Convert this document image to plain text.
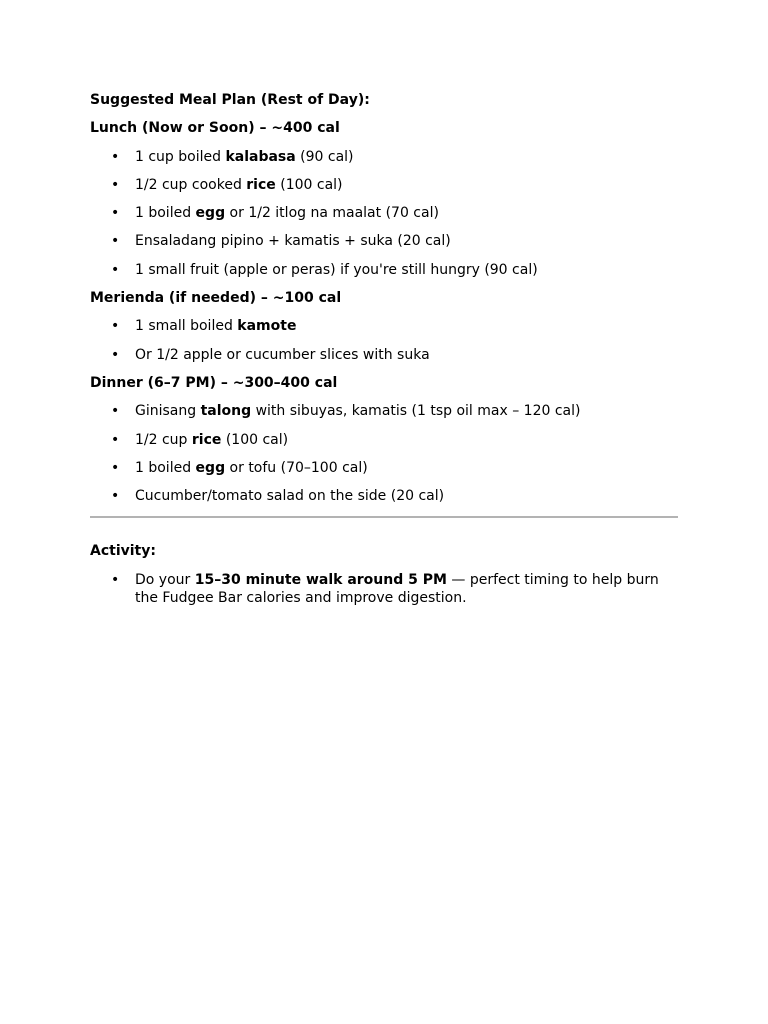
Suggested Meal Plan (Rest of Day):
Lunch (Now or Soon) – ~400 cal
• 1 cup boiled kalabasa (90 cal)
• 1/2 cup cooked rice (100 cal)
• 1 boiled egg or 1/2 itlog na maalat (70 cal)
• Ensaladang pipino + kamatis + suka (20 cal)
• 1 small fruit (apple or peras) if you're still hungry (90 cal)
Merienda (if needed) – ~100 cal
• 1 small boiled kamote
• Or 1/2 apple or cucumber slices with suka
Dinner (6–7 PM) – ~300–400 cal
• Ginisang talong with sibuyas, kamatis (1 tsp oil max – 120 cal)
• 1/2 cup rice (100 cal)
• 1 boiled egg or tofu (70–100 cal)
• Cucumber/tomato salad on the side (20 cal)
Activity:
• Do your 15–30 minute walk around 5 PM — perfect timing to help burn the Fudgee Bar calories and improve digestion.
